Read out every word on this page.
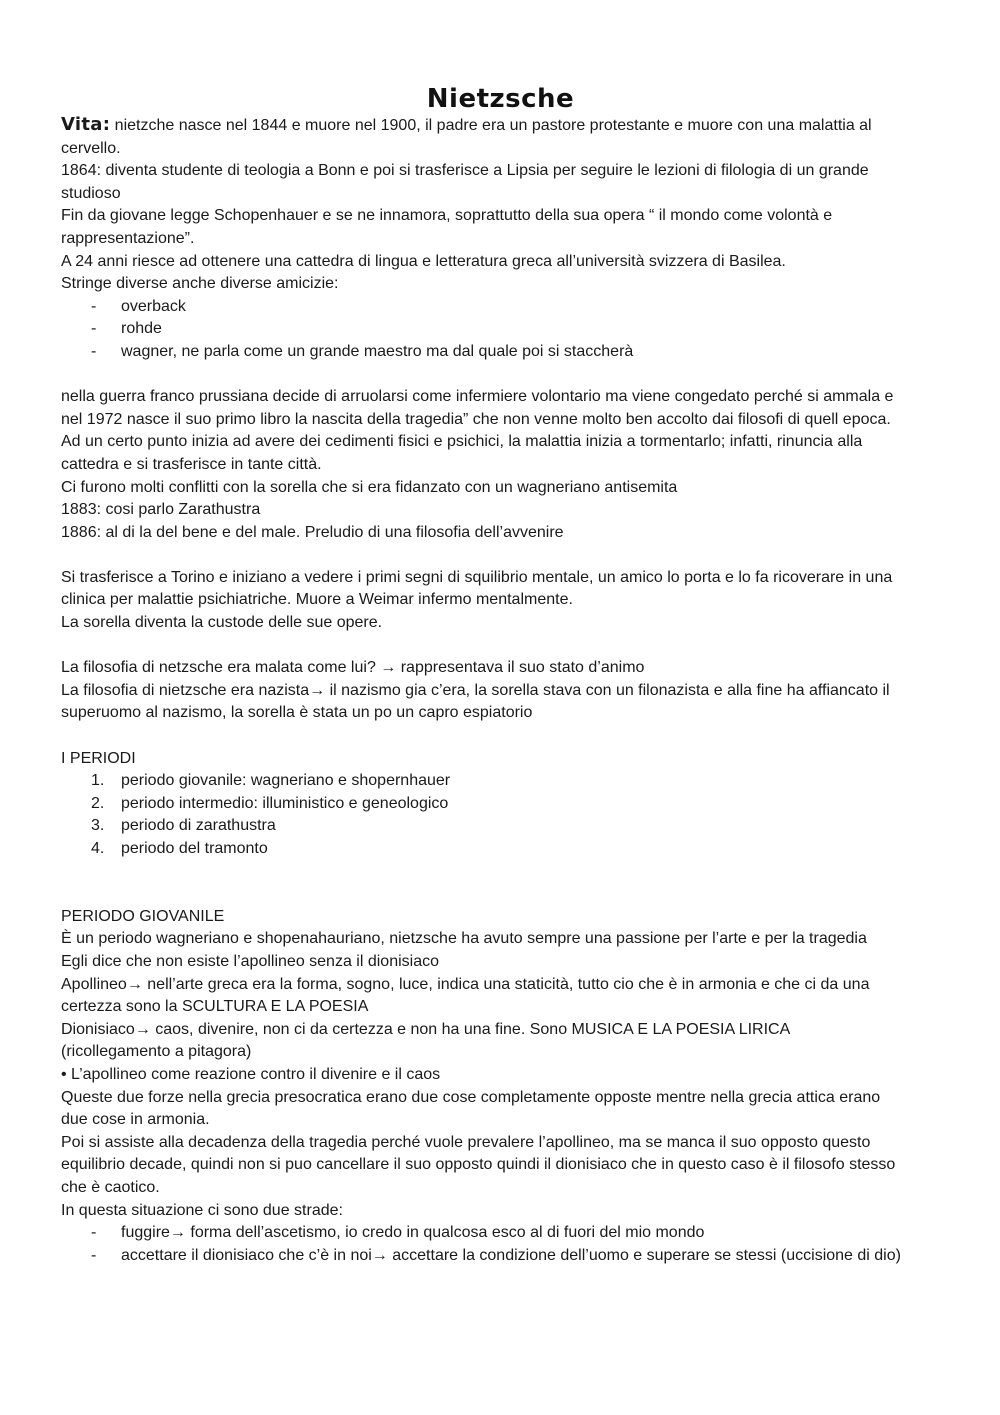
Nietzsche
Vita: nietzche nasce nel 1844 e muore nel 1900, il padre era un pastore protestante e muore con una malattia al
cervello.
1864: diventa studente di teologia a Bonn e poi si trasferisce a Lipsia per seguire le lezioni di filologia di un grande
studioso
Fin da giovane legge Schopenhauer e se ne innamora, soprattutto della sua opera “ il mondo come volontà e
rappresentazione”.
A 24 anni riesce ad ottenere una cattedra di lingua e letteratura greca all’università svizzera di Basilea.
Stringe diverse anche diverse amicizie:
- overback
- rohde
- wagner, ne parla come un grande maestro ma dal quale poi si staccherà
nella guerra franco prussiana decide di arruolarsi come infermiere volontario ma viene congedato perché si ammala e
nel 1972 nasce il suo primo libro la nascita della tragedia” che non venne molto ben accolto dai filosofi di quell epoca.
Ad un certo punto inizia ad avere dei cedimenti fisici e psichici, la malattia inizia a tormentarlo; infatti, rinuncia alla
cattedra e si trasferisce in tante città.
Ci furono molti conflitti con la sorella che si era fidanzato con un wagneriano antisemita
1883: cosi parlo Zarathustra
1886: al di la del bene e del male. Preludio di una filosofia dell’avvenire
Si trasferisce a Torino e iniziano a vedere i primi segni di squilibrio mentale, un amico lo porta e lo fa ricoverare in una
clinica per malattie psichiatriche. Muore a Weimar infermo mentalmente.
La sorella diventa la custode delle sue opere.
La filosofia di netzsche era malata come lui? → rappresentava il suo stato d’animo
La filosofia di nietzsche era nazista→ il nazismo gia c’era, la sorella stava con un filonazista e alla fine ha affiancato il
superuomo al nazismo, la sorella è stata un po un capro espiatorio
I PERIODI
1. periodo giovanile: wagneriano e shopernhauer
2. periodo intermedio: illuministico e geneologico
3. periodo di zarathustra
4. periodo del tramonto
PERIODO GIOVANILE
È un periodo wagneriano e shopenahauriano, nietzsche ha avuto sempre una passione per l’arte e per la tragedia
Egli dice che non esiste l’apollineo senza il dionisiaco
Apollineo→ nell’arte greca era la forma, sogno, luce, indica una staticità, tutto cio che è in armonia e che ci da una
certezza sono la SCULTURA E LA POESIA
Dionisiaco→ caos, divenire, non ci da certezza e non ha una fine. Sono MUSICA E LA POESIA LIRICA
(ricollegamento a pitagora)
• L’apollineo come reazione contro il divenire e il caos
Queste due forze nella grecia presocratica erano due cose completamente opposte mentre nella grecia attica erano
due cose in armonia.
Poi si assiste alla decadenza della tragedia perché vuole prevalere l’apollineo, ma se manca il suo opposto questo
equilibrio decade, quindi non si puo cancellare il suo opposto quindi il dionisiaco che in questo caso è il filosofo stesso
che è caotico.
In questa situazione ci sono due strade:
- fuggire→ forma dell’ascetismo, io credo in qualcosa esco al di fuori del mio mondo
- accettare il dionisiaco che c’è in noi→ accettare la condizione dell’uomo e superare se stessi (uccisione di dio)
